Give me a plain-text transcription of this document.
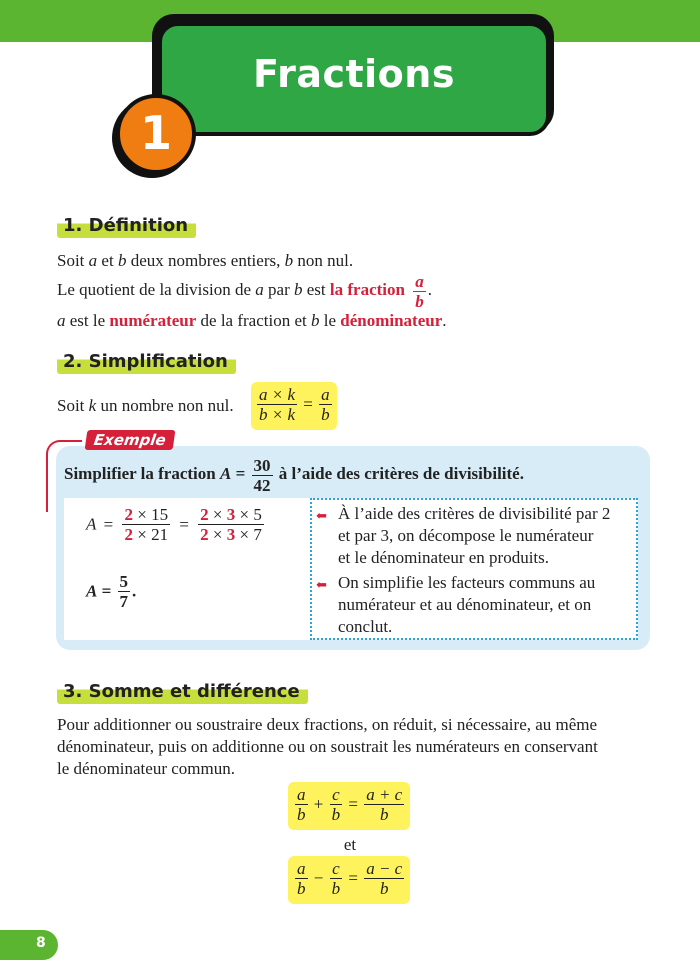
Fractions
1
1. Définition
Soit a et b deux nombres entiers, b non nul.
Le quotient de la division de a par b est la fraction $\frac{a}{b}$ .
a est le numérateur de la fraction et b le dénominateur.
2. Simplification
Soit k un nombre non nul. $\frac{a \times k}{b \times k} = \frac{a}{b}$
Exemple
Simplifier la fraction $A = \frac{30}{42}$ à l’aide des critères de divisibilité.
$A = \frac{2 \times 15}{2 \times 21} = \frac{2 \times 3 \times 5}{2 \times 3 \times 7}$
$A = \frac{5}{7}$ .
⬅ À l’aide des critères de divisibilité par 2
et par 3, on décompose le numérateur
et le dénominateur en produits.
⬅ On simplifie les facteurs communs au
numérateur et au dénominateur, et on
conclut.
3. Somme et différence
Pour additionner ou soustraire deux fractions, on réduit, si nécessaire, au même
dénominateur, puis on additionne ou on soustrait les numérateurs en conservant
le dénominateur commun.
$\frac{a}{b} + \frac{c}{b} = \frac{a + c}{b}$
et
$\frac{a}{b} - \frac{c}{b} = \frac{a - c}{b}$
8
